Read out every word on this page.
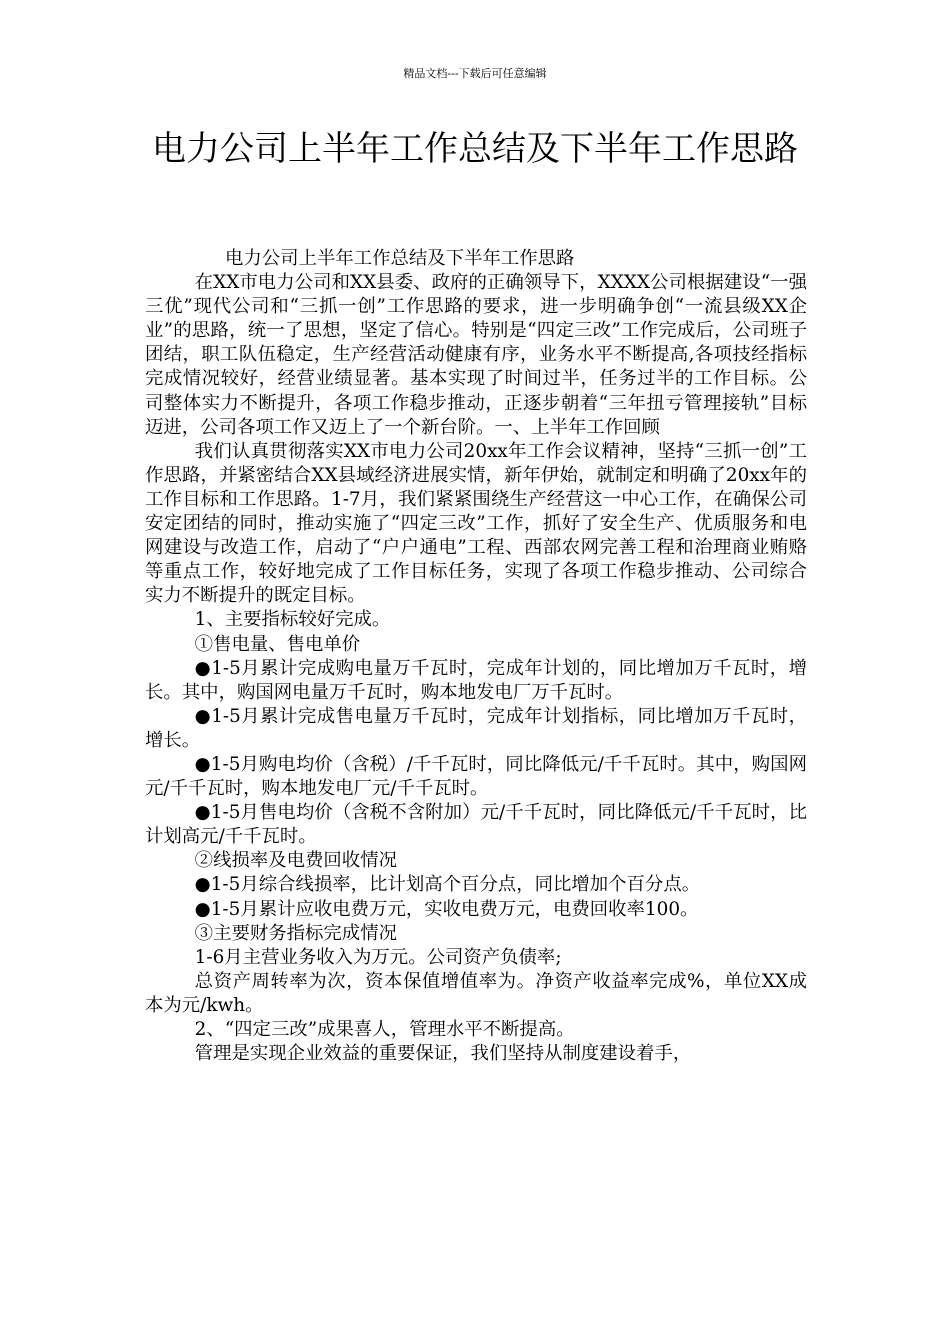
精品文档---下载后可任意编辑
电力公司上半年工作总结及下半年工作思路

电力公司上半年工作总结及下半年工作思路

在XX市电力公司和XX县委、政府的正确领导下，XXXX公司根据建设“一强三优”现代公司和“三抓一创”工作思路的要求，进一步明确争创“一流县级XX企业”的思路，统一了思想，坚定了信心。特别是“四定三改”工作完成后，公司班子团结，职工队伍稳定，生产经营活动健康有序，业务水平不断提高,各项技经指标完成情况较好，经营业绩显著。基本实现了时间过半，任务过半的工作目标。公司整体实力不断提升，各项工作稳步推动，正逐步朝着“三年扭亏管理接轨”目标迈进，公司各项工作又迈上了一个新台阶。一、上半年工作回顾

我们认真贯彻落实XX市电力公司20xx年工作会议精神，坚持“三抓一创”工作思路，并紧密结合XX县域经济进展实情，新年伊始，就制定和明确了20xx年的工作目标和工作思路。1-7月，我们紧紧围绕生产经营这一中心工作，在确保公司安定团结的同时，推动实施了“四定三改”工作，抓好了安全生产、优质服务和电网建设与改造工作，启动了“户户通电”工程、西部农网完善工程和治理商业贿赂等重点工作，较好地完成了工作目标任务，实现了各项工作稳步推动、公司综合实力不断提升的既定目标。

1、主要指标较好完成。

①售电量、售电单价

●1-5月累计完成购电量万千瓦时，完成年计划的，同比增加万千瓦时，增长。其中，购国网电量万千瓦时，购本地发电厂万千瓦时。

●1-5月累计完成售电量万千瓦时，完成年计划指标，同比增加万千瓦时，增长。

●1-5月购电均价（含税）/千千瓦时，同比降低元/千千瓦时。其中，购国网元/千千瓦时，购本地发电厂元/千千瓦时。

●1-5月售电均价（含税不含附加）元/千千瓦时，同比降低元/千千瓦时，比计划高元/千千瓦时。

②线损率及电费回收情况

●1-5月综合线损率，比计划高个百分点，同比增加个百分点。

●1-5月累计应收电费万元，实收电费万元，电费回收率100。

③主要财务指标完成情况

1-6月主营业务收入为万元。公司资产负债率;

总资产周转率为次，资本保值增值率为。净资产收益率完成%，单位XX成本为元/kwh。

2、“四定三改”成果喜人，管理水平不断提高。

管理是实现企业效益的重要保证，我们坚持从制度建设着手，
